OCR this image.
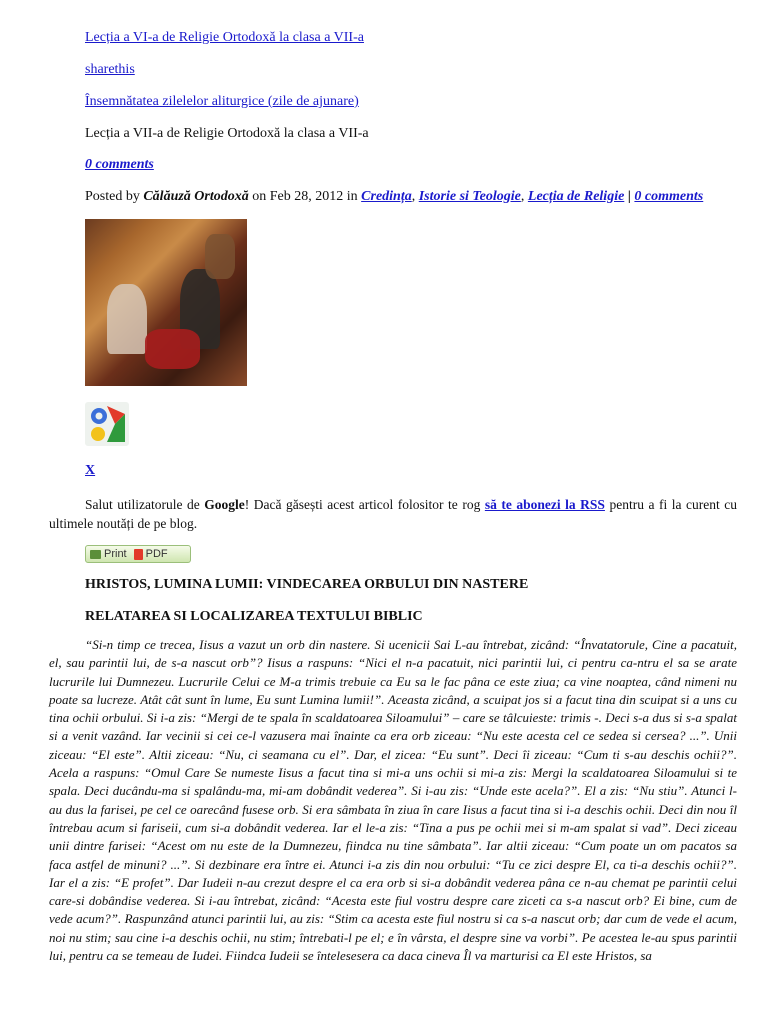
Lecția a VI-a de Religie Ortodoxă la clasa a VII-a
sharethis
Însemnătatea zilelelor aliturgice (zile de ajunare)
Lecția a VII-a de Religie Ortodoxă la clasa a VII-a
0 comments
Posted by Călăuză Ortodoxă on Feb 28, 2012 in Credința, Istorie si Teologie, Lecția de Religie | 0 comments
X
Salut utilizatorule de Google! Dacă găsești acest articol folositor te rog să te abonezi la RSS pentru a fi la curent cu ultimele noutăți de pe blog.
Print PDF
HRISTOS, LUMINA LUMII: VINDECAREA ORBULUI DIN NASTERE
RELATAREA SI LOCALIZAREA TEXTULUI BIBLIC
“Si-n timp ce trecea, Iisus a vazut un orb din nastere. Si ucenicii Sai L-au întrebat, zicând: “Învatatorule, Cine a pacatuit, el, sau parintii lui, de s-a nascut orb”? Iisus a raspuns: “Nici el n-a pacatuit, nici parintii lui, ci pentru ca-ntru el sa se arate lucrurile lui Dumnezeu. Lucrurile Celui ce M-a trimis trebuie ca Eu sa le fac pâna ce este ziua; ca vine noaptea, când nimeni nu poate sa lucreze. Atât cât sunt în lume, Eu sunt Lumina lumii!”. Aceasta zicând, a scuipat jos si a facut tina din scuipat si a uns cu tina ochii orbului. Si i-a zis: “Mergi de te spala în scaldatoarea Siloamului” – care se tâlcuieste: trimis -. Deci s-a dus si s-a spalat si a venit vazând. Iar vecinii si cei ce-l vazusera mai înainte ca era orb ziceau: “Nu este acesta cel ce sedea si cersea? ...”. Unii ziceau: “El este”. Altii ziceau: “Nu, ci seamana cu el”. Dar, el zicea: “Eu sunt”. Deci îi ziceau: “Cum ti s-au deschis ochii?”. Acela a raspuns: “Omul Care Se numeste Iisus a facut tina si mi-a uns ochii si mi-a zis: Mergi la scaldatoarea Siloamului si te spala. Deci ducându-ma si spalându-ma, mi-am dobândit vederea”. Si i-au zis: “Unde este acela?”. El a zis: “Nu stiu”. Atunci l-au dus la farisei, pe cel ce oarecând fusese orb. Si era sâmbata în ziua în care Iisus a facut tina si i-a deschis ochii. Deci din nou îl întrebau acum si fariseii, cum si-a dobândit vederea. Iar el le-a zis: “Tina a pus pe ochii mei si m-am spalat si vad”. Deci ziceau unii dintre farisei: “Acest om nu este de la Dumnezeu, fiindca nu tine sâmbata”. Iar altii ziceau: “Cum poate un om pacatos sa faca astfel de minuni? ...”. Si dezbinare era între ei. Atunci i-a zis din nou orbului: “Tu ce zici despre El, ca ti-a deschis ochii?”. Iar el a zis: “E profet”. Dar Iudeii n-au crezut despre el ca era orb si si-a dobândit vederea pâna ce n-au chemat pe parintii celui care-si dobândise vederea. Si i-au întrebat, zicând: “Acesta este fiul vostru despre care ziceti ca s-a nascut orb? Ei bine, cum de vede acum?”. Raspunzând atunci parintii lui, au zis: “Stim ca acesta este fiul nostru si ca s-a nascut orb; dar cum de vede el acum, noi nu stim; sau cine i-a deschis ochii, nu stim; întrebati-l pe el; e în vârsta, el despre sine va vorbi”. Pe acestea le-au spus parintii lui, pentru ca se temeau de Iudei. Fiindca Iudeii se întelesesera ca daca cineva Îl va marturisi ca El este Hristos, sa
